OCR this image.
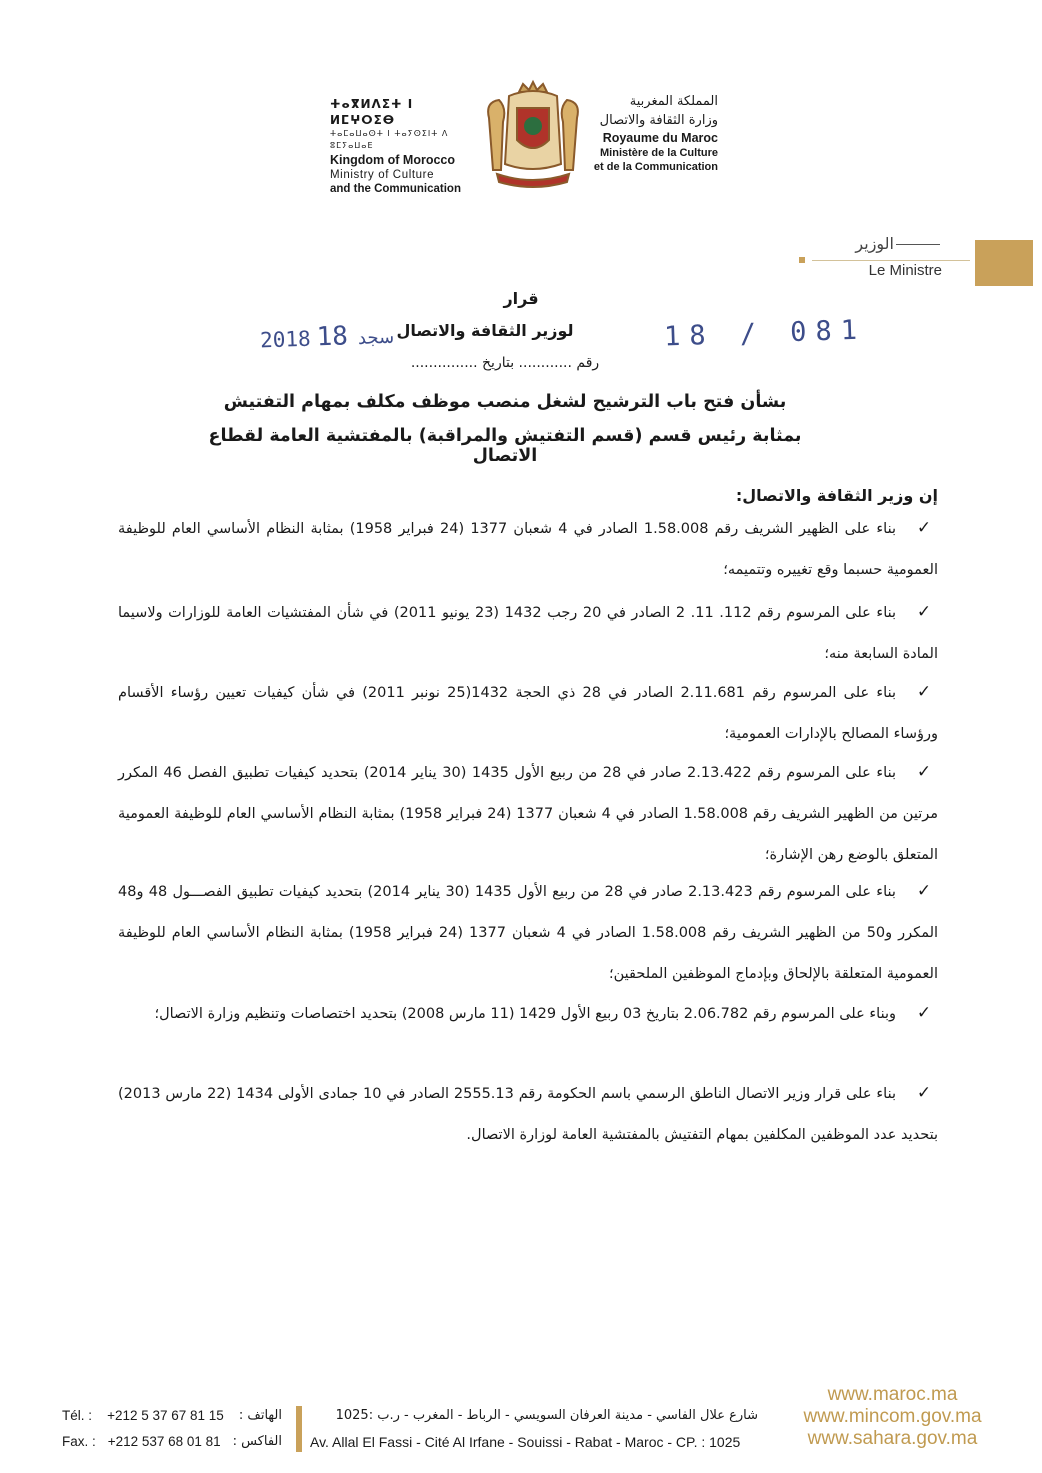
ⵜⴰⴳⵍⴷⵉⵜ ⵏ ⵍⵎⵖⵔⵉⴱ
ⵜⴰⵎⴰⵡⴰⵙⵜ ⵏ ⵜⴰⵢⵙⵉⵏⵜ ⴷ ⵓⵎⵢⴰⵡⴰⴹ
Kingdom of Morocco
Ministry of Culture
and the Communication
المملكة المغربية
وزارة الثقافة والاتصال
Royaume du Maroc
Ministère de la Culture
et de la Communication
الوزير
Le Ministre
قرار
لوزير الثقافة والاتصال
رقم ............ بتاريخ ...............
18 / 081
2018	سجد18
بشأن فتح باب الترشيح لشغل منصب موظف مكلف بمهام التفتيش
بمثابة رئيس قسم (قسم التفتيش والمراقبة) بالمفتشية العامة لقطاع الاتصال
إن وزير الثقافة والاتصال:
✓بناء على الظهير الشريف رقم 1.58.008 الصادر في 4 شعبان 1377 (24 فبراير 1958) بمثابة النظام الأساسي العام للوظيفة العمومية حسبما وقع تغييره وتتميمه؛
✓بناء على المرسوم رقم 112. 11. 2 الصادر في 20 رجب 1432 (23 يونيو 2011) في شأن المفتشيات العامة للوزارات ولاسيما المادة السابعة منه؛
✓بناء على المرسوم رقم 2.11.681 الصادر في 28 ذي الحجة 1432(25 نونبر 2011) في شأن كيفيات تعيين رؤساء الأقسام ورؤساء المصالح بالإدارات العمومية؛
✓بناء على المرسوم رقم 2.13.422 صادر في 28 من ربيع الأول 1435 (30 يناير 2014) بتحديد كيفيات تطبيق الفصل 46 المكرر مرتين من الظهير الشريف رقم 1.58.008 الصادر في 4 شعبان 1377 (24 فبراير 1958) بمثابة النظام الأساسي العام للوظيفة العمومية المتعلق بالوضع رهن الإشارة؛
✓بناء على المرسوم رقم 2.13.423 صادر في 28 من ربيع الأول 1435 (30 يناير 2014) بتحديد كيفيات تطبيق الفصـــول 48 و48 المكرر و50 من الظهير الشريف رقم 1.58.008 الصادر في 4 شعبان 1377 (24 فبراير 1958) بمثابة النظام الأساسي العام للوظيفة العمومية المتعلقة بالإلحاق وبإدماج الموظفين الملحقين؛
✓وبناء على المرسوم رقم 2.06.782 بتاريخ 03 ربيع الأول 1429 (11 مارس 2008) بتحديد اختصاصات وتنظيم وزارة الاتصال؛
✓بناء على قرار وزير الاتصال الناطق الرسمي باسم الحكومة رقم 2555.13 الصادر في 10 جمادى الأولى 1434 (22 مارس 2013) بتحديد عدد الموظفين المكلفين بمهام التفتيش بالمفتشية العامة لوزارة الاتصال.
Tél. : +212 5 37 67 81 15 الهاتف :
Fax. : +212 537 68 01 81 الفاكس :
شارع علال الفاسي - مدينة العرفان السويسي - الرباط - المغرب - ر.ب :1025
Av. Allal El Fassi - Cité Al Irfane - Souissi - Rabat - Maroc - CP. : 1025
www.maroc.ma
www.mincom.gov.ma
www.sahara.gov.ma
